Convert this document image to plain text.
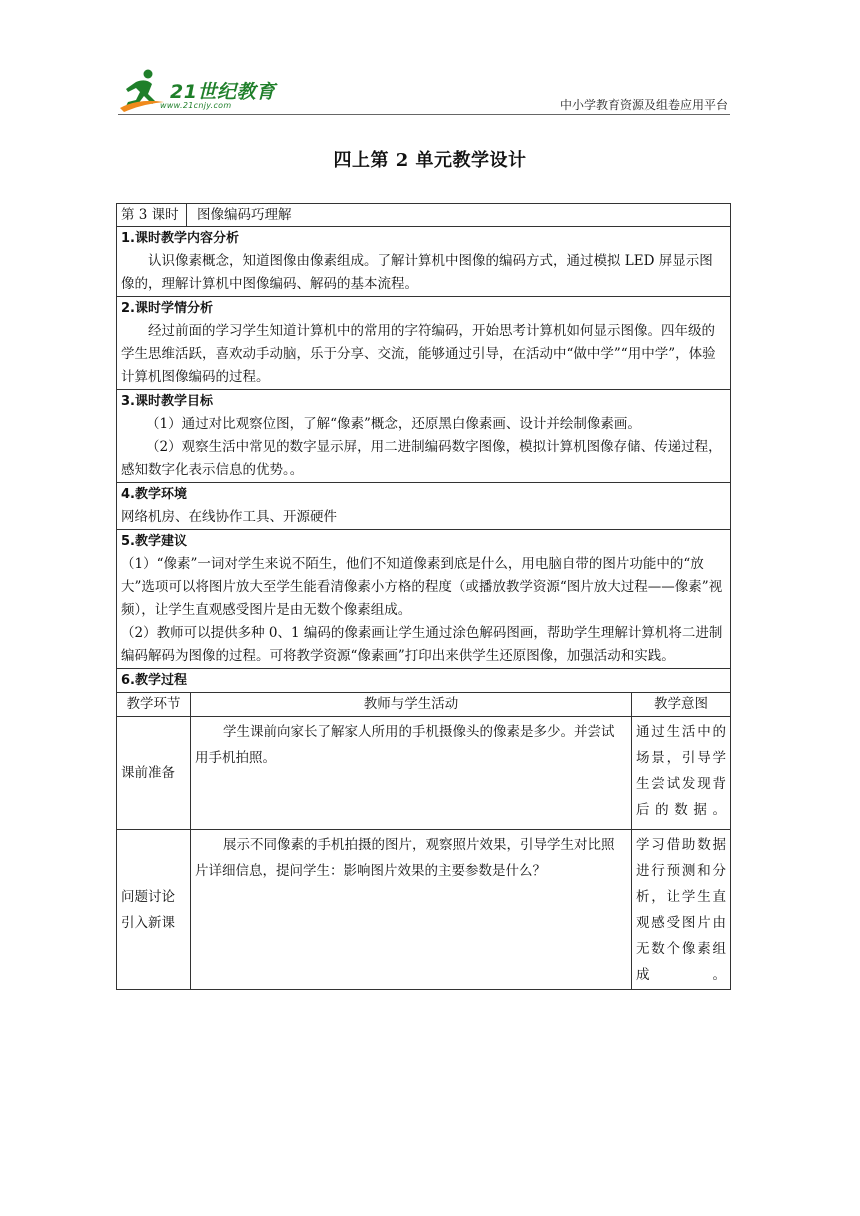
21世纪教育
www.21cnjy.com	中小学教育资源及组卷应用平台
四上第 2 单元教学设计
第 3 课时 图像编码巧理解		

1.课时教学内容分析
认识像素概念，知道图像由像素组成。了解计算机中图像的编码方式，通过模拟 LED 屏显示图像的，理解计算机中图像编码、解码的基本流程。		

2.课时学情分析
经过前面的学习学生知道计算机中的常用的字符编码，开始思考计算机如何显示图像。四年级的学生思维活跃，喜欢动手动脑，乐于分享、交流，能够通过引导，在活动中“做中学”“用中学”，体验计算机图像编码的过程。		

3.课时教学目标
（1）通过对比观察位图，了解“像素”概念，还原黑白像素画、设计并绘制像素画。
（2）观察生活中常见的数字显示屏，用二进制编码数字图像，模拟计算机图像存储、传递过程，感知数字化表示信息的优势。。		

4.教学环境
网络机房、在线协作工具、开源硬件		

5.教学建议
（1）“像素”一词对学生来说不陌生，他们不知道像素到底是什么，用电脑自带的图片功能中的“放大”选项可以将图片放大至学生能看清像素小方格的程度（或播放教学资源“图片放大过程——像素”视频），让学生直观感受图片是由无数个像素组成。
（2）教师可以提供多种 0、1 编码的像素画让学生通过涂色解码图画，帮助学生理解计算机将二进制编码解码为图像的过程。可将教学资源“像素画”打印出来供学生还原图像，加强活动和实践。		

6.教学过程		

教学环节	教师与学生活动	教学意图
课前准备	学生课前向家长了解家人所用的手机摄像头的像素是多少。并尝试用手机拍照。	通过生活中的场景，引导学生尝试发现背后的数据。

问题讨论引入新课	展示不同像素的手机拍摄的图片，观察照片效果，引导学生对比照片详细信息，提问学生：影响图片效果的主要参数是什么？	学习借助数据进行预测和分析，让学生直观感受图片由无数个像素组成。
